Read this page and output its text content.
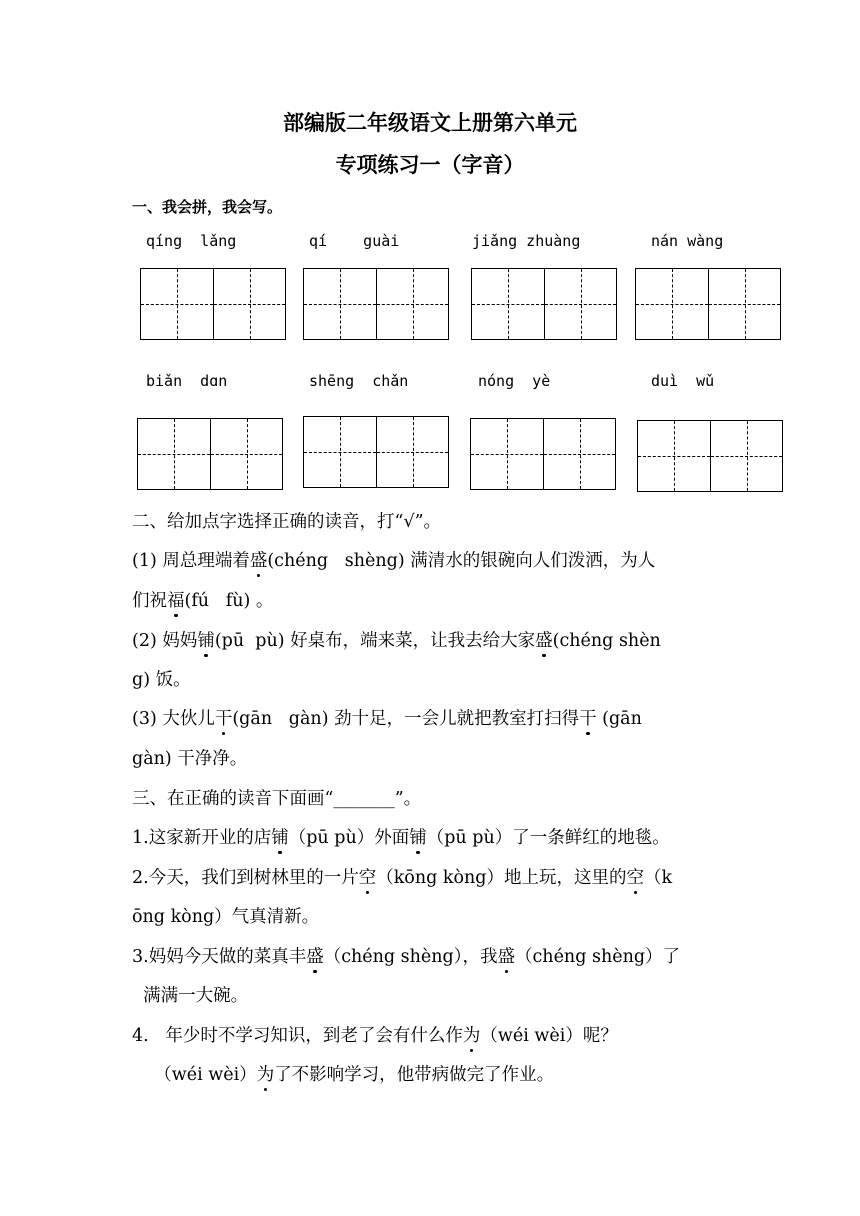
部编版二年级语文上册第六单元
专项练习一（字音）
一、我会拼，我会写。
qíng  lǎng	qí    guài	jiǎng zhuàng	nán wàng
biǎn  dɑn	shēng  chǎn	nóng  yè	duì  wǔ
二、给加点字选择正确的读音，打“√”。
(1) 周总理端着盛(chéng   shèng) 满清水的银碗向人们泼洒，为人
们祝福(fú   fù) 。
(2) 妈妈铺(pū  pù) 好桌布，端来菜，让我去给大家盛(chéng shèn
g) 饭。
(3) 大伙儿干(gān   gàn) 劲十足，一会儿就把教室打扫得干 (gān
gàn) 干净净。
三、在正确的读音下面画“_______”。
1.这家新开业的店铺（pū pù）外面铺（pū pù）了一条鲜红的地毯。
2.今天，我们到树林里的一片空（kōng kòng）地上玩，这里的空（k
ōng kòng）气真清新。
3.妈妈今天做的菜真丰盛（chéng shèng），我盛（chéng shèng）了
满满一大碗。
4.   年少时不学习知识，到老了会有什么作为（wéi wèi）呢？
（wéi wèi）为了不影响学习，他带病做完了作业。
